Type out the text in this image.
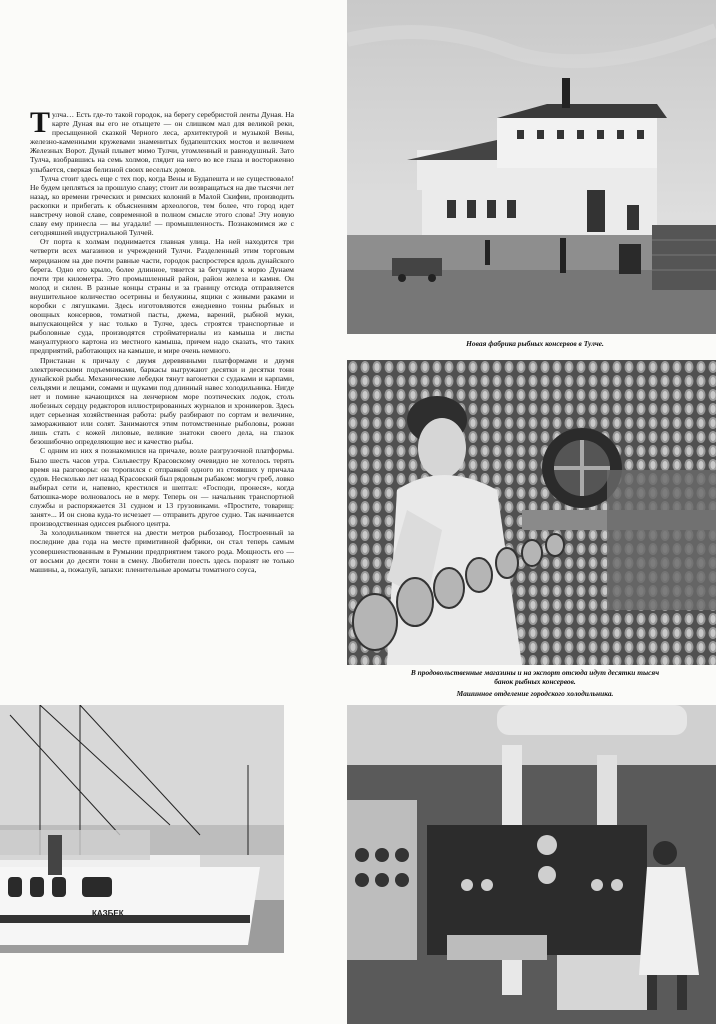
Тулча… Есть где-то такой городок, на берегу серебристой ленты Дуная. На карте Дуная вы его не отыщете — он слишком мал для великой реки, пресыщенной сказкой Черного леса, архитектурой и музыкой Вены, железно-каменными кружевами знаменитых будапештских мостов и величием Железных Ворот. Дунай плывет мимо Тулчи, утомленный и равнодушный. Зато Тулча, взобравшись на семь холмов, глядит на него во все глаза и восторженно улыбается, сверкая белизной своих веселых домов.

Тулча стоит здесь еще с тех пор, когда Вены и Будапешта и не существовало! Не будем цепляться за прошлую славу; стоит ли возвращаться на две тысячи лет назад, ко времени греческих и римских колоний в Малой Скифии, производить раскопки и прибегать к объяснениям археологов, тем более, что город идет навстречу новой славе, современной в полном смысле этого слова! Эту новую славу ему принесла — вы угадали! — промышленность. Познакомимся же с сегодняшней индустриальной Тулчей.

От порта к холмам поднимается главная улица. На ней находится три четверти всех магазинов и учреждений Тулчи. Разделенный этим торговым меридианом на две почти равные части, городок распростерся вдоль дунайского берега. Одно его крыло, более длинное, тянется за бегущим к морю Дунаем почти три километра. Это промышленный район, район железа и камня. Он молод и силен. В разные концы страны и за границу отсюда отправляется внушительное количество осетрины и белужины, ящики с живыми раками и коробки с лягушками. Здесь изготовляются ежедневно тонны рыбных и овощных консервов, томатной пасты, джема, варений, рыбной муки, выпускающейся у нас только в Тулче, здесь строятся транспортные и рыболовные суда, производятся стройматериалы из камыша и листы мануалтурного картона из местного камыша, причем надо сказать, что таких предприятий, работающих на камыше, и мире очень немного.

Пристанан к причалу с двумя деревянными платформами и двумя электрическими подъемниками, баркасы выгружают десятки и десятки тонн дунайской рыбы. Механические лебедки тянут вагонетки с судаками и карпами, сельдями и лещами, сомами и щуками под длинный навес холодильника. Нигде нет и помине качающихся на ленчерном море поэтических лодок, столь любезных сердцу редакторов иллюстрированных журналов и хроникеров. Здесь идет серьезная хозяйственная работа: рыбу разбирают по сортам и величине, замораживают или солят. Занимаются этим потомственные рыболовы, рожни лишь стать с кожей лиловые, великие знатоки своего дела, на глазок безошибочно определяющие вес и качество рыбы.

С одним из них я познакомился на причале, возле разгрузочной платформы. Было шесть часов утра. Сильвестру Красовскому очевидно не хотелось терять время на разговоры: он торопился с отправкой одного из стоявших у причала судов. Несколько лет назад Красовский был рядовым рыбаком: могуч греб, ловко выбирал сети и, напевно, крестился и шептал: «Господи, пронеся», когда батюшка-море волновалось не в меру. Теперь он — начальник транспортной службы и распоряжается 31 судном и 13 грузовиками. «Простите, товарищ: занят»... И он снова куда-то исчезает — отправить другое судно. Так начинается производственная одиссея рыбного центра.

За холодильником тянется на двести метров рыбозавод. Построенный за последние два года на месте примитивной фабрики, он стал теперь самым усовершенствованным в Румынии предприятием такого рода. Мощность его — от восьми до десяти тонн в смену. Любители поесть здесь поразят не только машины, а, пожалуй, запахи: пленительные ароматы томатного соуса,

Новая фабрика рыбных консервов в Тулче.
В продовольственные магазины и на экспорт отсюда идут десятки тысяч банок рыбных консервов.
Машинное отделение городского холодильника.
КАЗБЕК
